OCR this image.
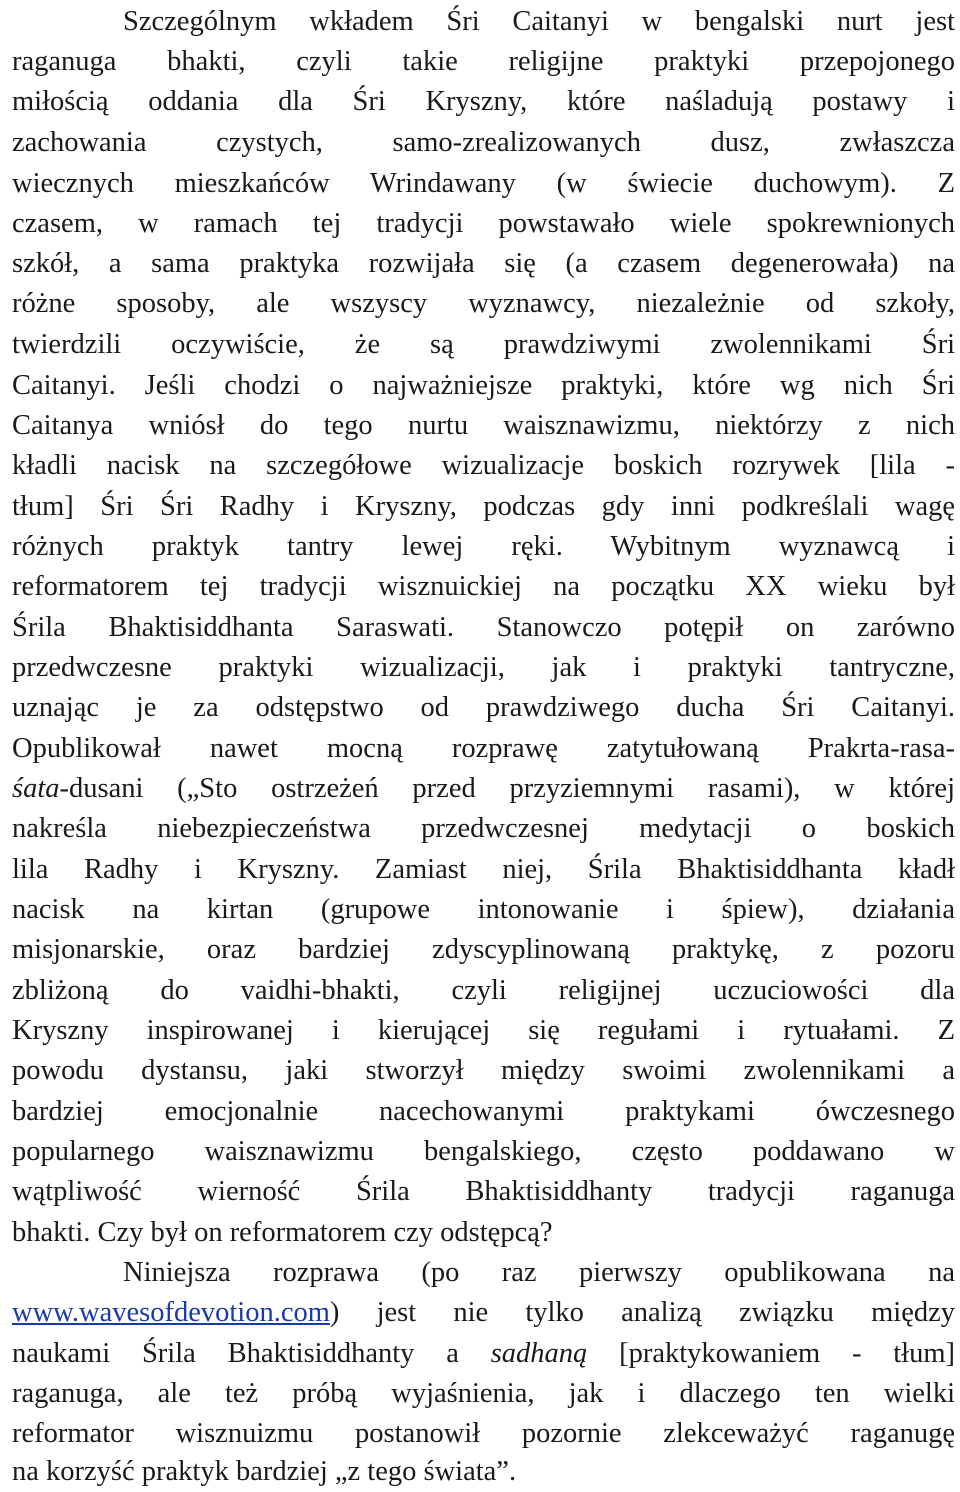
Szczególnym wkładem Śri Caitanyi w bengalski nurt jest
raganuga bhakti, czyli takie religijne praktyki przepojonego
miłością oddania dla Śri Kryszny, które naśladują postawy i
zachowania czystych, samo-zrealizowanych dusz, zwłaszcza
wiecznych mieszkańców Wrindawany (w świecie duchowym). Z
czasem, w ramach tej tradycji powstawało wiele spokrewnionych
szkół, a sama praktyka rozwijała się (a czasem degenerowała) na
różne sposoby, ale wszyscy wyznawcy, niezależnie od szkoły,
twierdzili oczywiście, że są prawdziwymi zwolennikami Śri
Caitanyi. Jeśli chodzi o najważniejsze praktyki, które wg nich Śri
Caitanya wniósł do tego nurtu waisznawizmu, niektórzy z nich
kładli nacisk na szczegółowe wizualizacje boskich rozrywek [lila -
tłum] Śri Śri Radhy i Kryszny, podczas gdy inni podkreślali wagę
różnych praktyk tantry lewej ręki. Wybitnym wyznawcą i
reformatorem tej tradycji wisznuickiej na początku XX wieku był
Śrila Bhaktisiddhanta Saraswati. Stanowczo potępił on zarówno
przedwczesne praktyki wizualizacji, jak i praktyki tantryczne,
uznając je za odstępstwo od prawdziwego ducha Śri Caitanyi.
Opublikował nawet mocną rozprawę zatytułowaną Prakrta-rasa-
śata-dusani („Sto ostrzeżeń przed przyziemnymi rasami), w której
nakreśla niebezpieczeństwa przedwczesnej medytacji o boskich
lila Radhy i Kryszny. Zamiast niej, Śrila Bhaktisiddhanta kładł
nacisk na kirtan (grupowe intonowanie i śpiew), działania
misjonarskie, oraz bardziej zdyscyplinowaną praktykę, z pozoru
zbliżoną do vaidhi-bhakti, czyli religijnej uczuciowości dla
Kryszny inspirowanej i kierującej się regułami i rytuałami. Z
powodu dystansu, jaki stworzył między swoimi zwolennikami a
bardziej emocjonalnie nacechowanymi praktykami ówczesnego
popularnego waisznawizmu bengalskiego, często poddawano w
wątpliwość wierność Śrila Bhaktisiddhanty tradycji raganuga
bhakti. Czy był on reformatorem czy odstępcą?
Niniejsza rozprawa (po raz pierwszy opublikowana na
www.wavesofdevotion.com) jest nie tylko analizą związku między
naukami Śrila Bhaktisiddhanty a sadhaną [praktykowaniem - tłum]
raganuga, ale też próbą wyjaśnienia, jak i dlaczego ten wielki
reformator wisznuizmu postanowił pozornie zlekceważyć raganugę
na korzyść praktyk bardziej „z tego świata”.
